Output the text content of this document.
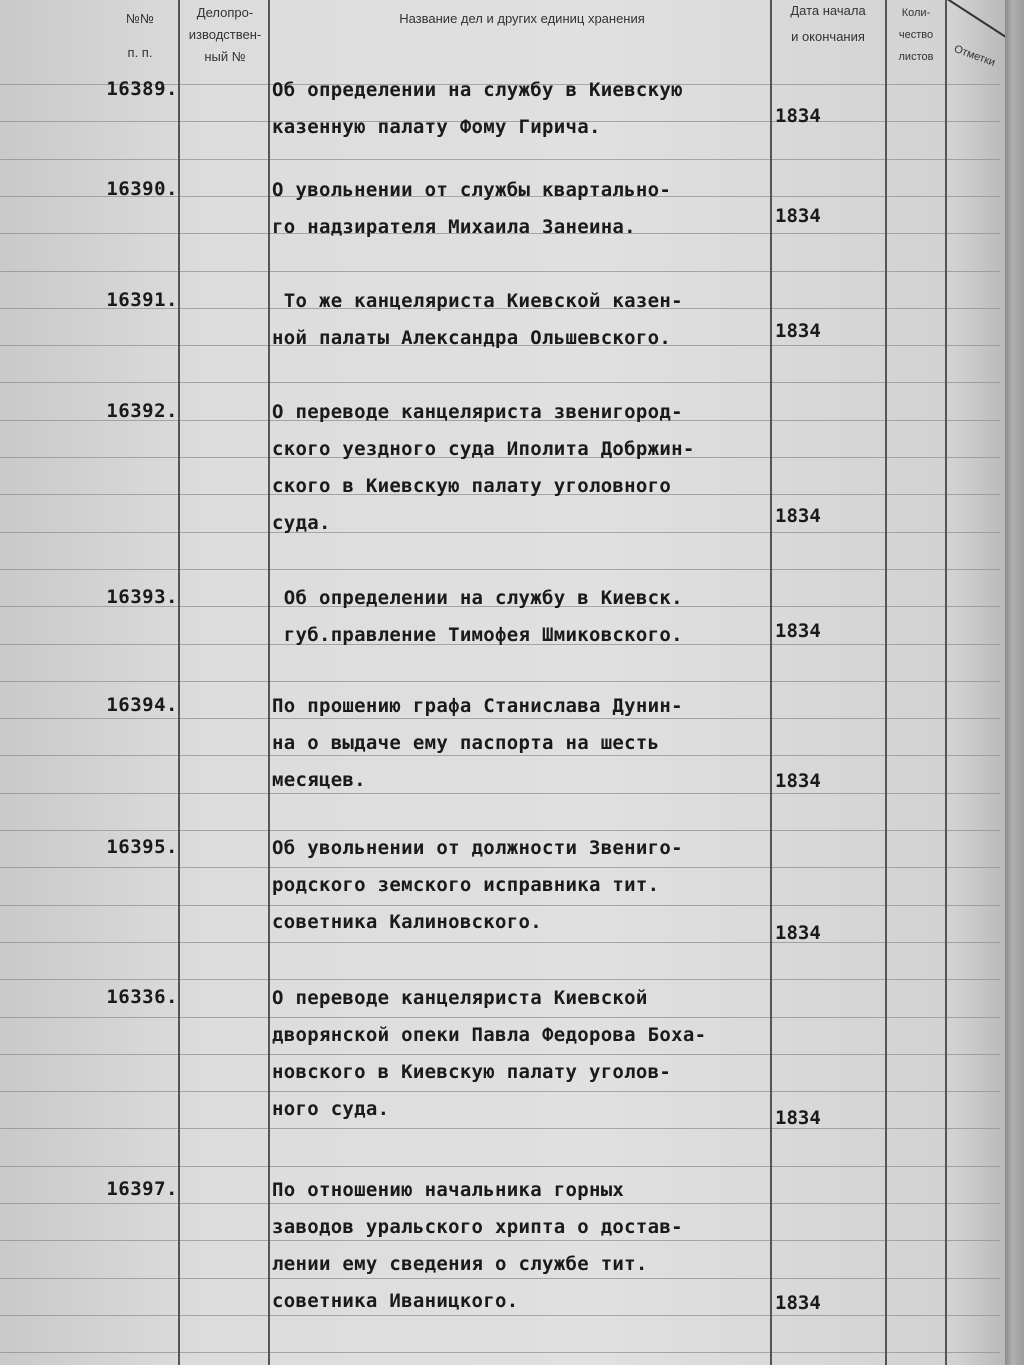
№№
п. п.
Делопро-
изводствен-
ный №
Название дел и других единиц хранения
Дата начала
и окончания
Коли-
чество
листов	Отметки
16389.	Об определении на службу в Киевскую
казенную палату Фому Гирича.	1834
16390.	О увольнении от службы квартально-
го надзирателя Михаила Занеина.	1834
16391.	То же канцеляриста Киевской казен-
ной палаты Александра Ольшевского.	1834
16392.	О переводе канцеляриста звенигород-
ского уездного суда Иполита Добржин-
ского в Киевскую палату уголовного
суда.	1834
16393.	Об определении на службу в Киевск.
губ.правление Тимофея Шмиковского.	1834
16394.	По прошению графа Станислава Дунин-
на о выдаче ему паспорта на шесть
месяцев.	1834
16395.	Об увольнении от должности Звениго-
родского земского исправника тит.
советника Калиновского.	1834
16336.	О переводе канцеляриста Киевской
дворянской опеки Павла Федорова Боха-
новского в Киевскую палату уголов-
ного суда.	1834
16397.	По отношению начальника горных
заводов уральского хрипта о достав-
лении ему сведения о службе тит.
советника Иваницкого.	1834
